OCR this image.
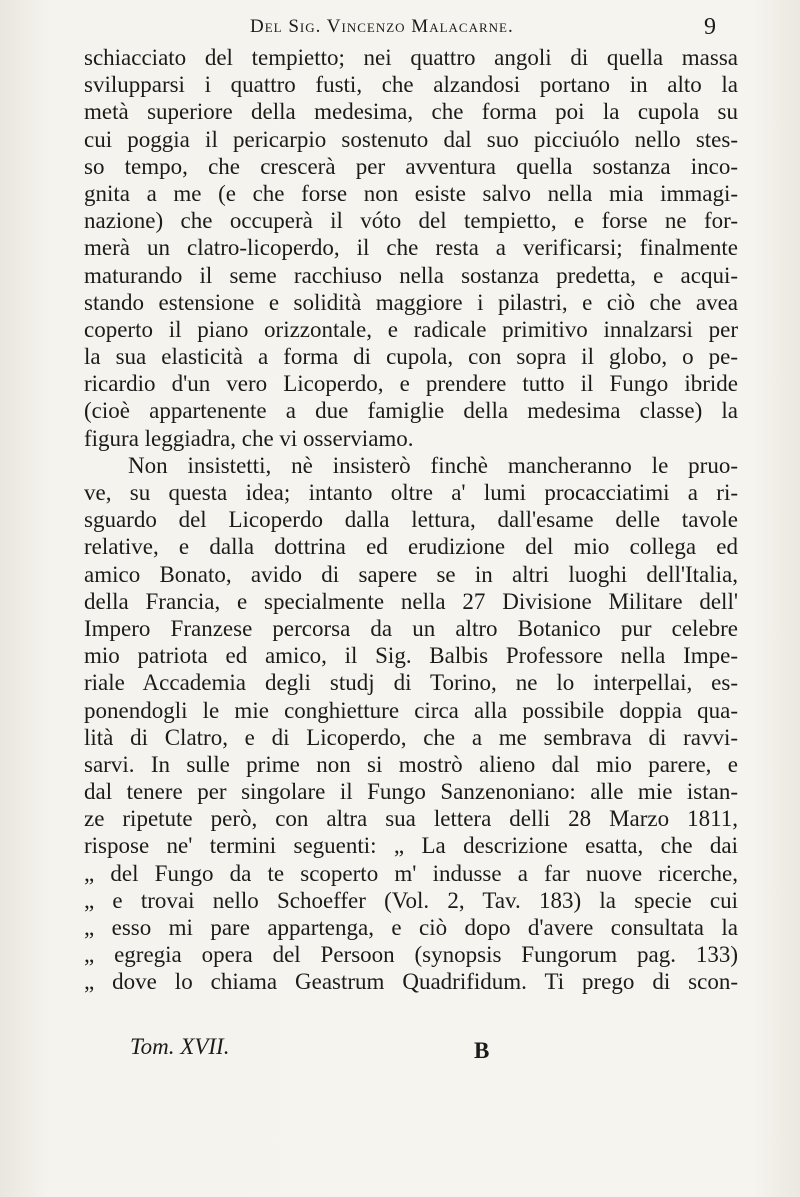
Del Sig. Vincenzo Malacarne.	9
schiacciato del tempietto; nei quattro angoli di quella massa
svilupparsi i quattro fusti, che alzandosi portano in alto la
metà superiore della medesima, che forma poi la cupola su
cui poggia il pericarpio sostenuto dal suo picciuólo nello stes-
so tempo, che crescerà per avventura quella sostanza inco-
gnita a me (e che forse non esiste salvo nella mia immagi-
nazione) che occuperà il vóto del tempietto, e forse ne for-
merà un clatro-licoperdo, il che resta a verificarsi; finalmente
maturando il seme racchiuso nella sostanza predetta, e acqui-
stando estensione e solidità maggiore i pilastri, e ciò che avea
coperto il piano orizzontale, e radicale primitivo innalzarsi per
la sua elasticità a forma di cupola, con sopra il globo, o pe-
ricardio d'un vero Licoperdo, e prendere tutto il Fungo ibride
(cioè appartenente a due famiglie della medesima classe) la
figura leggiadra, che vi osserviamo.
Non insistetti, nè insisterò finchè mancheranno le pruo-
ve, su questa idea; intanto oltre a' lumi procacciatimi a ri-
sguardo del Licoperdo dalla lettura, dall'esame delle tavole
relative, e dalla dottrina ed erudizione del mio collega ed
amico Bonato, avido di sapere se in altri luoghi dell'Italia,
della Francia, e specialmente nella 27 Divisione Militare dell'
Impero Franzese percorsa da un altro Botanico pur celebre
mio patriota ed amico, il Sig. Balbis Professore nella Impe-
riale Accademia degli studj di Torino, ne lo interpellai, es-
ponendogli le mie conghietture circa alla possibile doppia qua-
lità di Clatro, e di Licoperdo, che a me sembrava di ravvi-
sarvi. In sulle prime non si mostrò alieno dal mio parere, e
dal tenere per singolare il Fungo Sanzenoniano: alle mie istan-
ze ripetute però, con altra sua lettera delli 28 Marzo 1811,
rispose ne' termini seguenti: „ La descrizione esatta, che dai
„ del Fungo da te scoperto m' indusse a far nuove ricerche,
„ e trovai nello Schoeffer (Vol. 2, Tav. 183) la specie cui
„ esso mi pare appartenga, e ciò dopo d'avere consultata la
„ egregia opera del Persoon (synopsis Fungorum pag. 133)
„ dove lo chiama Geastrum Quadrifidum. Ti prego di scon-
Tom. XVII.	B
